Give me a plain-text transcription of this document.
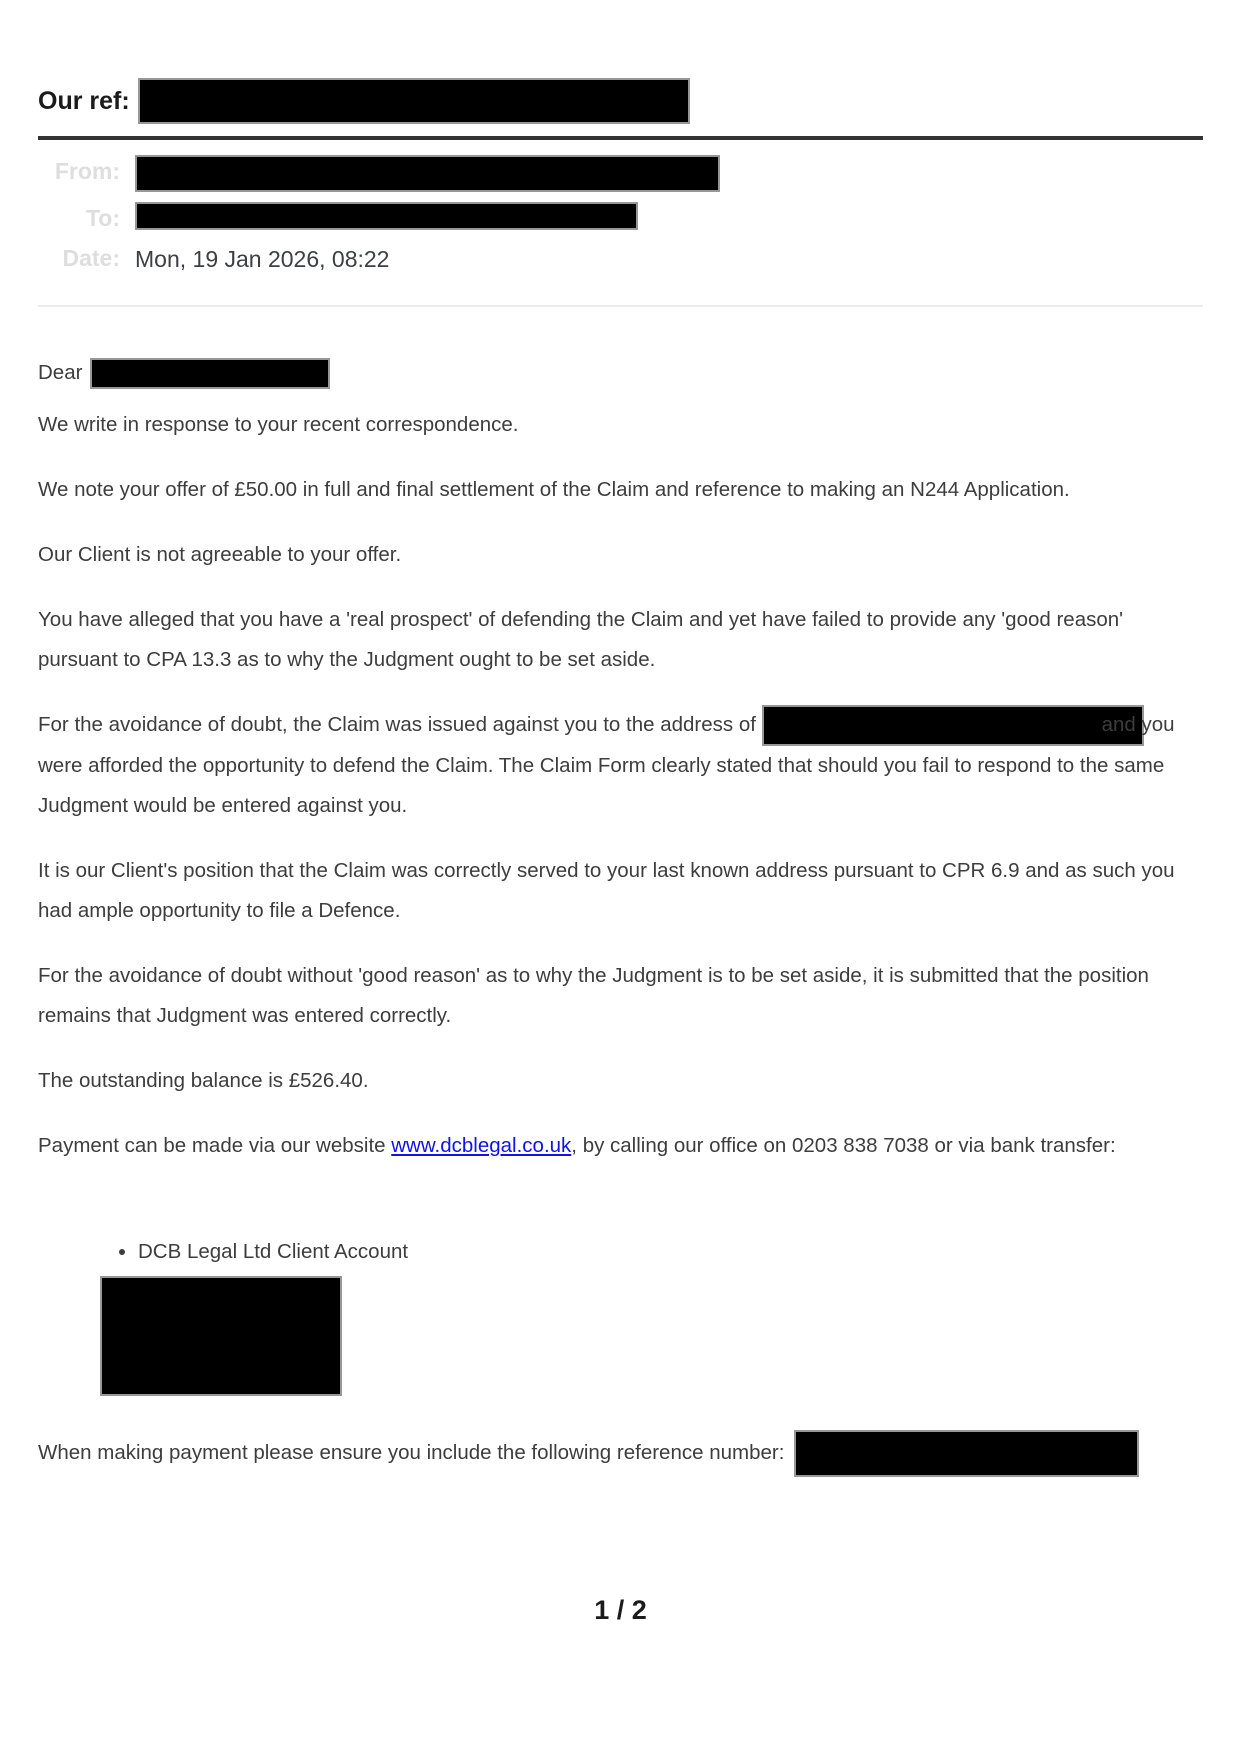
Our ref:
From:
To:
Date: Mon, 19 Jan 2026, 08:22

Dear

We write in response to your recent correspondence.

We note your offer of £50.00 in full and final settlement of the Claim and reference to making an N244 Application.

Our Client is not agreeable to your offer.

You have alleged that you have a 'real prospect' of defending the Claim and yet have failed to provide any 'good reason' pursuant to CPA 13.3 as to why the Judgment ought to be set aside.

For the avoidance of doubt, the Claim was issued against you to the address of	and you were afforded the opportunity to defend the Claim. The Claim Form clearly stated that should you fail to respond to the same Judgment would be entered against you.

It is our Client's position that the Claim was correctly served to your last known address pursuant to CPR 6.9 and as such you had ample opportunity to file a Defence.

For the avoidance of doubt without 'good reason' as to why the Judgment is to be set aside, it is submitted that the position remains that Judgment was entered correctly.

The outstanding balance is £526.40.

Payment can be made via our website www.dcblegal.co.uk, by calling our office on 0203 838 7038 or via bank transfer:

• DCB Legal Ltd Client Account
•
•

When making payment please ensure you include the following reference number:

1 / 2
